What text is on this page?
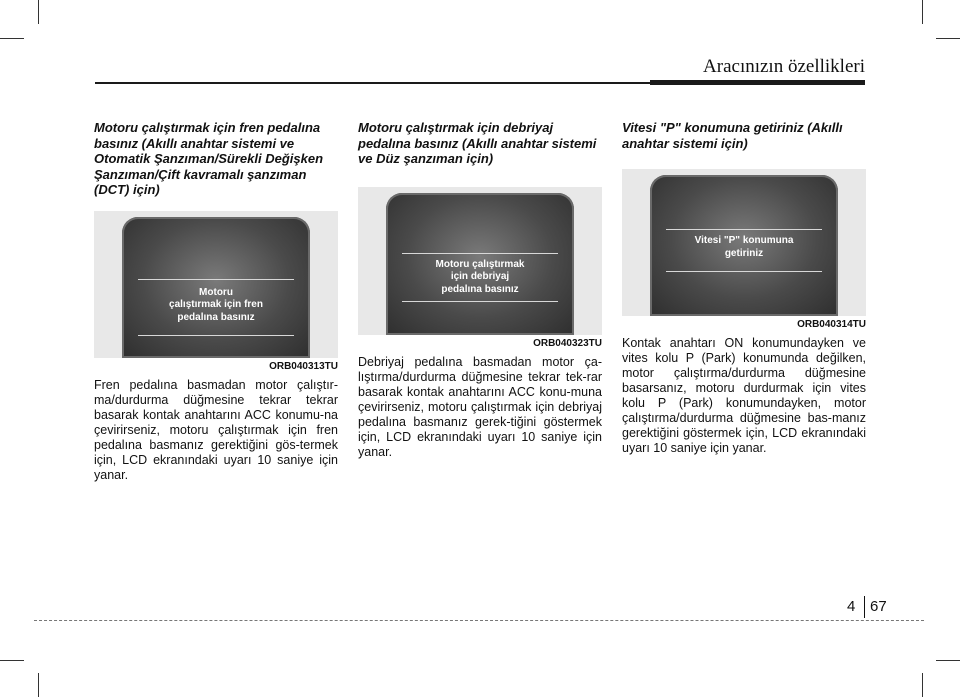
Aracınızın özellikleri

Motoru çalıştırmak için fren pedalına basınız (Akıllı anahtar sistemi ve Otomatik Şanzıman/Sürekli Değişken Şanzıman/Çift kavramalı şanzıman (DCT) için)

Motoru
çalıştırmak için fren
pedalına basınız
ORB040313TU

Fren pedalına basmadan motor çalıştır-ma/durdurma düğmesine tekrar tekrar basarak kontak anahtarını ACC konumu-na çevirirseniz, motoru çalıştırmak için fren pedalına basmanız gerektiğini gös-termek için, LCD ekranındaki uyarı 10 saniye için yanar.

Motoru çalıştırmak için debriyaj pedalına basınız (Akıllı anahtar sistemi ve Düz şanzıman için)

Motoru çalıştırmak
için debriyaj
pedalına basınız
ORB040323TU

Debriyaj pedalına basmadan motor ça-lıştırma/durdurma düğmesine tekrar tek-rar basarak kontak anahtarını ACC konu-muna çevirirseniz, motoru çalıştırmak için debriyaj pedalına basmanız gerek-tiğini göstermek için, LCD ekranındaki uyarı 10 saniye için yanar.

Vitesi "P" konumuna getiriniz (Akıllı anahtar sistemi için)

Vitesi "P" konumuna
getiriniz
ORB040314TU

Kontak anahtarı ON konumundayken ve vites kolu P (Park) konumunda değilken, motor çalıştırma/durdurma düğmesine basarsanız, motoru durdurmak için vites kolu P (Park) konumundayken, motor çalıştırma/durdurma düğmesine bas-manız gerektiğini göstermek için, LCD ekranındaki uyarı 10 saniye için yanar.

4 67
